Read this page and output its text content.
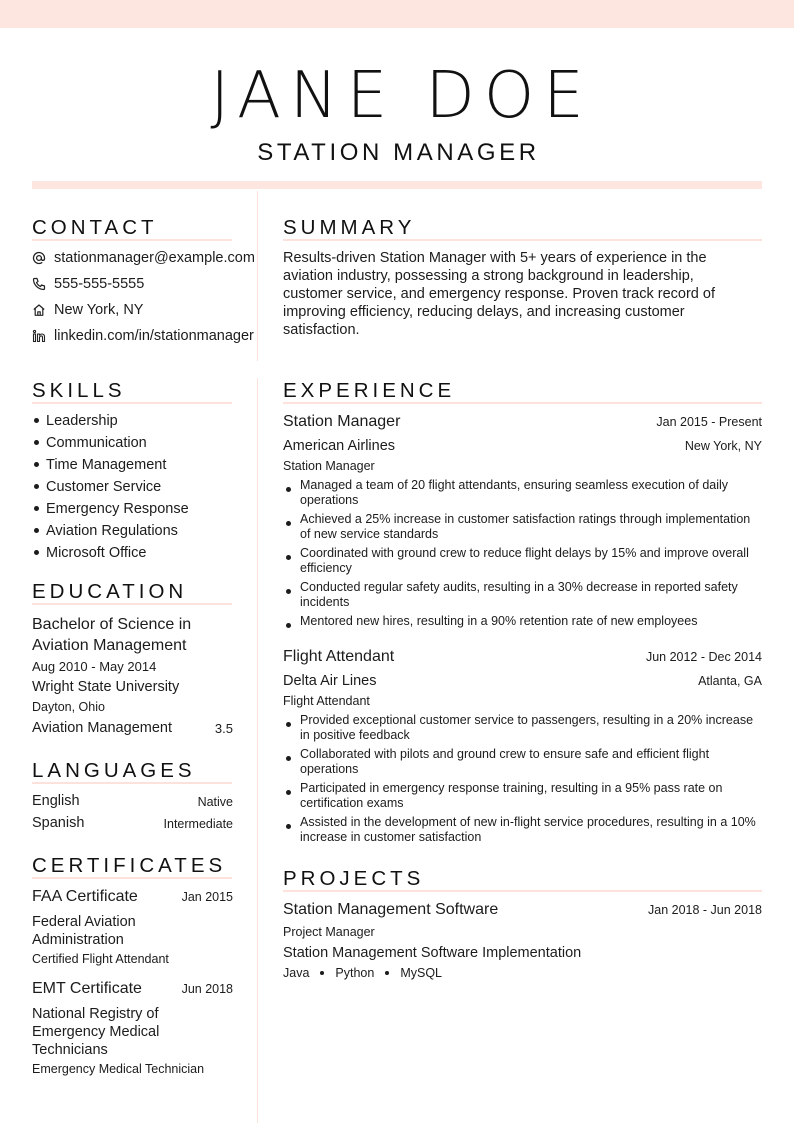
JANE DOE
STATION MANAGER
CONTACT
stationmanager@example.com
555-555-5555
New York, NY
linkedin.com/in/stationmanager
SUMMARY
Results-driven Station Manager with 5+ years of experience in the aviation industry, possessing a strong background in leadership, customer service, and emergency response. Proven track record of improving efficiency, reducing delays, and increasing customer satisfaction.
SKILLS
Leadership
Communication
Time Management
Customer Service
Emergency Response
Aviation Regulations
Microsoft Office
EDUCATION
Bachelor of Science in Aviation Management
Aug 2010 - May 2014
Wright State University
Dayton, Ohio
Aviation Management	3.5
LANGUAGES
English	Native
Spanish	Intermediate
CERTIFICATES
FAA Certificate	Jan 2015
Federal Aviation Administration
Certified Flight Attendant
EMT Certificate	Jun 2018
National Registry of Emergency Medical Technicians
Emergency Medical Technician
EXPERIENCE
Station Manager	Jan 2015 - Present
American Airlines	New York, NY
Station Manager
Managed a team of 20 flight attendants, ensuring seamless execution of daily operations
Achieved a 25% increase in customer satisfaction ratings through implementation of new service standards
Coordinated with ground crew to reduce flight delays by 15% and improve overall efficiency
Conducted regular safety audits, resulting in a 30% decrease in reported safety incidents
Mentored new hires, resulting in a 90% retention rate of new employees
Flight Attendant	Jun 2012 - Dec 2014
Delta Air Lines	Atlanta, GA
Flight Attendant
Provided exceptional customer service to passengers, resulting in a 20% increase in positive feedback
Collaborated with pilots and ground crew to ensure safe and efficient flight operations
Participated in emergency response training, resulting in a 95% pass rate on certification exams
Assisted in the development of new in-flight service procedures, resulting in a 10% increase in customer satisfaction
PROJECTS
Station Management Software	Jan 2018 - Jun 2018
Project Manager
Station Management Software Implementation
Java Python MySQL
